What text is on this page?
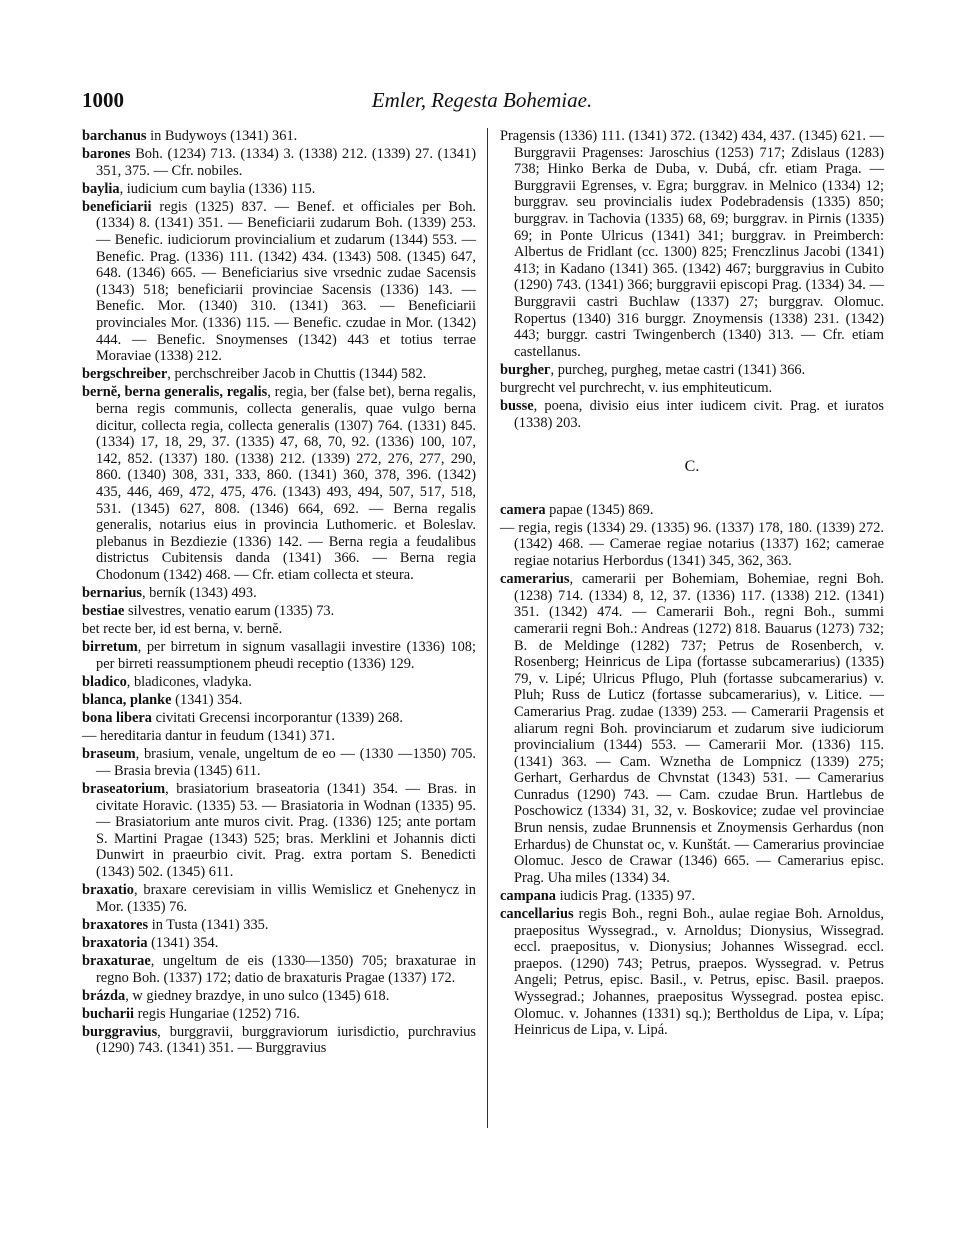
1000	Emler, Regesta Bohemiae.
barchanus in Budywoys (1341) 361.
barones Boh. (1234) 713. (1334) 3. (1338) 212. (1339) 27. (1341) 351, 375. — Cfr. nobiles.
baylia, iudicium cum baylia (1336) 115.
beneficiarii regis (1325) 837. — Benef. et officiales per Boh. (1334) 8. (1341) 351. — Beneficiarii zudarum Boh. (1339) 253. — Benefic. iudiciorum provincialium et zudarum (1344) 553. — Benefic. Prag. (1336) 111. (1342) 434. (1343) 508. (1345) 647, 648. (1346) 665. — Beneficiarius sive vrsednic zudae Sacensis (1343) 518; beneficiarii provinciae Sacensis (1336) 143. — Benefic. Mor. (1340) 310. (1341) 363. — Beneficiarii provinciales Mor. (1336) 115. — Benefic. czudae in Mor. (1342) 444. — Benefic. Snoymenses (1342) 443 et totius terrae Moraviae (1338) 212.
bergschreiber, perchschreiber Jacob in Chuttis (1344) 582.
bernĕ, berna generalis, regalis, regia, ber (false bet), berna regalis, berna regis communis, collecta generalis, quae vulgo berna dicitur, collecta regia, collecta generalis (1307) 764. (1331) 845. (1334) 17, 18, 29, 37. (1335) 47, 68, 70, 92. (1336) 100, 107, 142, 852. (1337) 180. (1338) 212. (1339) 272, 276, 277, 290, 860. (1340) 308, 331, 333, 860. (1341) 360, 378, 396. (1342) 435, 446, 469, 472, 475, 476. (1343) 493, 494, 507, 517, 518, 531. (1345) 627, 808. (1346) 664, 692. — Berna regalis generalis, notarius eius in provincia Luthomeric. et Boleslav. plebanus in Bezdiezie (1336) 142. — Berna regia a feudalibus districtus Cubitensis danda (1341) 366. — Berna regia Chodonum (1342) 468. — Cfr. etiam collecta et steura.
bernarius, berník (1343) 493.
bestiae silvestres, venatio earum (1335) 73.
bet recte ber, id est berna, v. bernĕ.
birretum, per birretum in signum vasallagii investire (1336) 108; per birreti reassumptionem pheudi receptio (1336) 129.
bladico, bladicones, vladyka.
blanca, planke (1341) 354.
bona libera civitati Grecensi incorporantur (1339) 268.
— hereditaria dantur in feudum (1341) 371.
braseum, brasium, venale, ungeltum de eo — (1330 —1350) 705. — Brasia brevia (1345) 611.
braseatorium, brasiatorium braseatoria (1341) 354. — Bras. in civitate Horavic. (1335) 53. — Brasiatoria in Wodnan (1335) 95. — Brasiatorium ante muros civit. Prag. (1336) 125; ante portam S. Martini Pragae (1343) 525; bras. Merklini et Johannis dicti Dunwirt in praeurbio civit. Prag. extra portam S. Benedicti (1343) 502. (1345) 611.
braxatio, braxare cerevisiam in villis Wemislicz et Gnehenycz in Mor. (1335) 76.
braxatores in Tusta (1341) 335.
braxatoria (1341) 354.
braxaturae, ungeltum de eis (1330—1350) 705; braxaturae in regno Boh. (1337) 172; datio de braxaturis Pragae (1337) 172.
brázda, w giedney brazdye, in uno sulco (1345) 618.
bucharii regis Hungariae (1252) 716.
burggravius, burggravii, burggraviorum iurisdictio, purchravius (1290) 743. (1341) 351. — Burggravius
Pragensis (1336) 111. (1341) 372. (1342) 434, 437. (1345) 621. — Burggravii Pragenses: Jaroschius (1253) 717; Zdislaus (1283) 738; Hinko Berka de Duba, v. Dubá, cfr. etiam Praga. — Burggravii Egrenses, v. Egra; burggrav. in Melnico (1334) 12; burggrav. seu provincialis iudex Podebradensis (1335) 850; burggrav. in Tachovia (1335) 68, 69; burggrav. in Pirnis (1335) 69; in Ponte Ulricus (1341) 341; burggrav. in Preimberch: Albertus de Fridlant (cc. 1300) 825; Frenczlinus Jacobi (1341) 413; in Kadano (1341) 365. (1342) 467; burggravius in Cubito (1290) 743. (1341) 366; burggravii episcopi Prag. (1334) 34. — Burggravii castri Buchlaw (1337) 27; burggrav. Olomuc. Ropertus (1340) 316 burggr. Znoymensis (1338) 231. (1342) 443; burggr. castri Twingenberch (1340) 313. — Cfr. etiam castellanus.
burghег, purcheg, purgheg, metae castri (1341) 366.
burgrecht vel purchrecht, v. ius emphiteuticum.
busse, poena, divisio eius inter iudicem civit. Prag. et iuratos (1338) 203.
C.
camera papae (1345) 869.
— regia, regis (1334) 29. (1335) 96. (1337) 178, 180. (1339) 272. (1342) 468. — Camerae regiae notarius (1337) 162; camerae regiae notarius Herbordus (1341) 345, 362, 363.
camerarius, camerarii per Bohemiam, Bohemiae, regni Boh. (1238) 714. (1334) 8, 12, 37. (1336) 117. (1338) 212. (1341) 351. (1342) 474. — Camerarii Boh., regni Boh., summi camerarii regni Boh.: Andreas (1272) 818. Bauarus (1273) 732; B. de Meldinge (1282) 737; Petrus de Rosenberch, v. Rosenberg; Heinricus de Lipa (fortasse subcamerarius) (1335) 79, v. Lipé; Ulricus Pflugo, Pluh (fortasse subcamerarius) v. Pluh; Russ de Luticz (fortasse subcamerarius), v. Litice. — Camerarius Prag. zudae (1339) 253. — Camerarii Pragensis et aliarum regni Boh. provinciarum et zudarum sive iudiciorum provincialium (1344) 553. — Camerarii Mor. (1336) 115. (1341) 363. — Cam. Wznetha de Lompnicz (1339) 275; Gerhart, Gerhardus de Chvnstat (1343) 531. — Camerarius Cunradus (1290) 743. — Cam. czudae Brun. Hartlebus de Poschowicz (1334) 31, 32, v. Boskovice; zudae vel provinciae Brun nensis, zudae Brunnensis et Znoymensis Gerhardus (non Erhardus) de Chunstat oc, v. Kunštát. — Camerarius provinciae Olomuc. Jesco de Crawar (1346) 665. — Camerarius episc. Prag. Uha miles (1334) 34.
campana iudicis Prag. (1335) 97.
cancellarius regis Boh., regni Boh., aulae regiae Boh. Arnoldus, praepositus Wyssegrad., v. Arnoldus; Dionysius, Wissegrad. eccl. praepositus, v. Dionysius; Johannes Wissegrad. eccl. praepos. (1290) 743; Petrus, praepos. Wyssegrad. v. Petrus Angeli; Petrus, episc. Basil., v. Petrus, episc. Basil. praepos. Wyssegrad.; Johannes, praepositus Wyssegrad. postea episc. Olomuc. v. Johannes (1331) sq.); Bertholdus de Lipa, v. Lípa; Heinricus de Lipa, v. Lipá.
